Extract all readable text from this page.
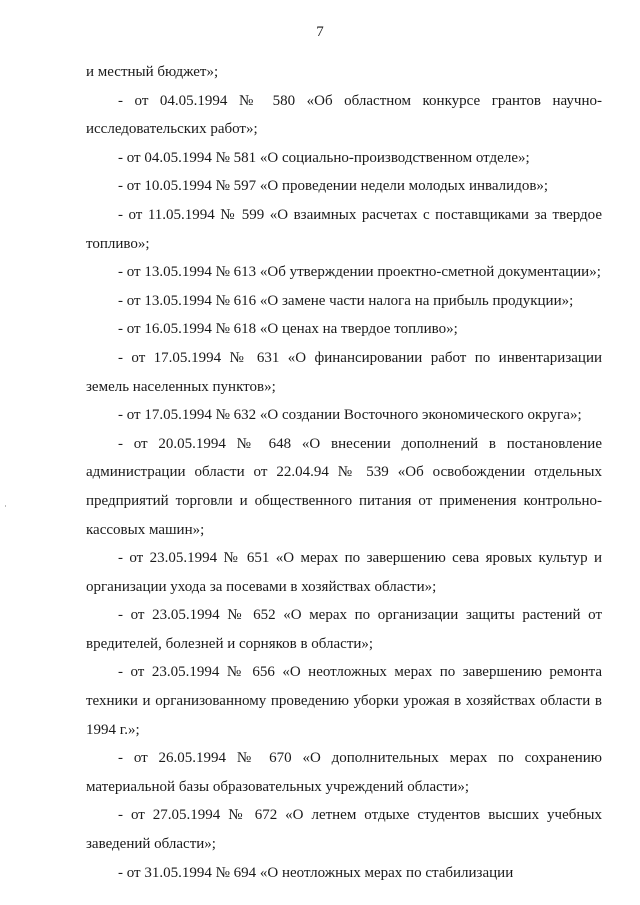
7

и местный бюджет»;

- от 04.05.1994 № 580 «Об областном конкурсе грантов научно-исследовательских работ»;

- от 04.05.1994 № 581 «О социально-производственном отделе»;

- от 10.05.1994 № 597 «О проведении недели молодых инвалидов»;

- от 11.05.1994 № 599 «О взаимных расчетах с поставщиками за твердое топливо»;

- от 13.05.1994 № 613 «Об утверждении проектно-сметной документации»;

- от 13.05.1994 № 616 «О замене части налога на прибыль продукции»;

- от 16.05.1994 № 618 «О ценах на твердое топливо»;

- от 17.05.1994 № 631 «О финансировании работ по инвентаризации земель населенных пунктов»;

- от 17.05.1994 № 632 «О создании Восточного экономического округа»;

- от 20.05.1994 № 648 «О внесении дополнений в постановление администрации области от 22.04.94 № 539 «Об освобождении отдельных предприятий торговли и общественного питания от применения контрольно-кассовых машин»;

- от 23.05.1994 № 651 «О мерах по завершению сева яровых культур и организации ухода за посевами в хозяйствах области»;

- от 23.05.1994 № 652 «О мерах по организации защиты растений от вредителей, болезней и сорняков в области»;

- от 23.05.1994 № 656 «О неотложных мерах по завершению ремонта техники и организованному проведению уборки урожая в хозяйствах области в 1994 г.»;

- от 26.05.1994 № 670 «О дополнительных мерах по сохранению материальной базы образовательных учреждений области»;

- от 27.05.1994 № 672 «О летнем отдыхе студентов высших учебных заведений области»;

- от 31.05.1994 № 694 «О неотложных мерах по стабилизации
